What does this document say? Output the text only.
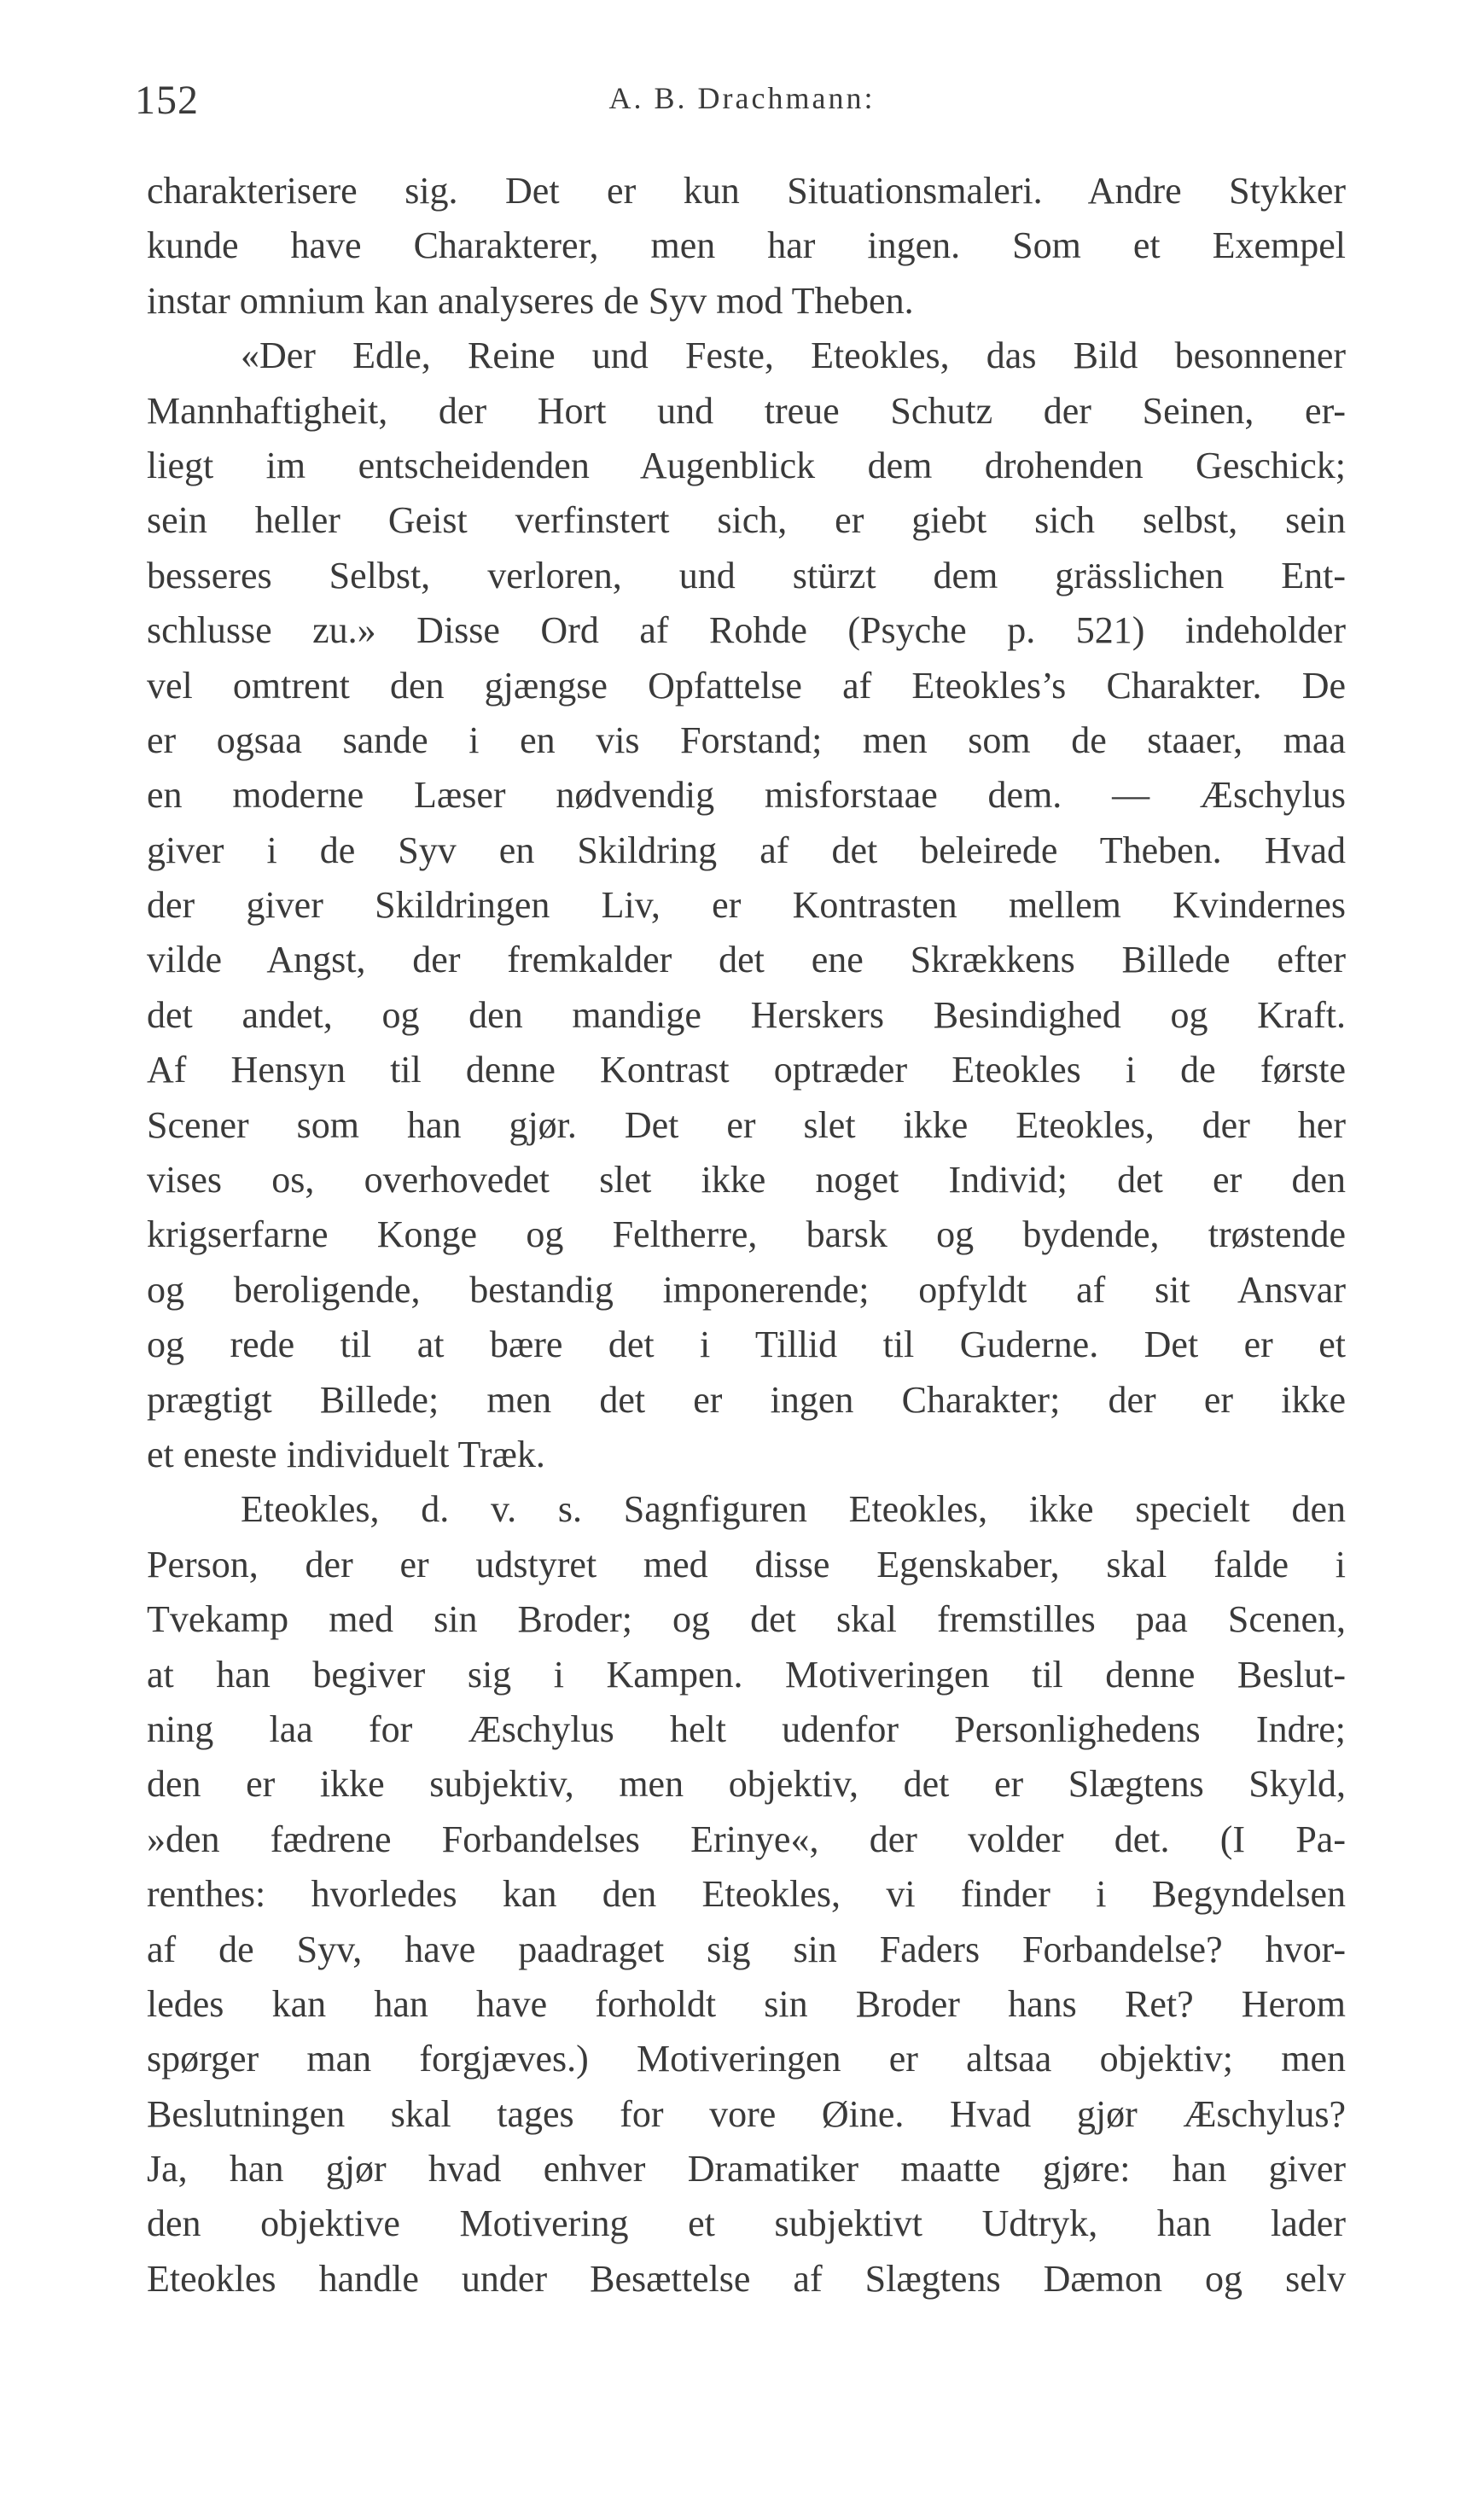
152	A. B. Drachmann:
charakterisere sig. Det er kun Situationsmaleri. Andre Stykker
kunde have Charakterer, men har ingen. Som et Exempel
instar omnium kan analyseres de Syv mod Theben.
«Der Edle, Reine und Feste, Eteokles, das Bild besonnener
Mannhaftigheit, der Hort und treue Schutz der Seinen, er-
liegt im entscheidenden Augenblick dem drohenden Geschick;
sein heller Geist verfinstert sich, er giebt sich selbst, sein
besseres Selbst, verloren, und stürzt dem grässlichen Ent-
schlusse zu.» Disse Ord af Rohde (Psyche p. 521) indeholder
vel omtrent den gjængse Opfattelse af Eteokles’s Charakter. De
er ogsaa sande i en vis Forstand; men som de staaer, maa
en moderne Læser nødvendig misforstaae dem. — Æschylus
giver i de Syv en Skildring af det beleirede Theben. Hvad
der giver Skildringen Liv, er Kontrasten mellem Kvindernes
vilde Angst, der fremkalder det ene Skrækkens Billede efter
det andet, og den mandige Herskers Besindighed og Kraft.
Af Hensyn til denne Kontrast optræder Eteokles i de første
Scener som han gjør. Det er slet ikke Eteokles, der her
vises os, overhovedet slet ikke noget Individ; det er den
krigserfarne Konge og Feltherre, barsk og bydende, trøstende
og beroligende, bestandig imponerende; opfyldt af sit Ansvar
og rede til at bære det i Tillid til Guderne. Det er et
prægtigt Billede; men det er ingen Charakter; der er ikke
et eneste individuelt Træk.
Eteokles, d. v. s. Sagnfiguren Eteokles, ikke specielt den
Person, der er udstyret med disse Egenskaber, skal falde i
Tvekamp med sin Broder; og det skal fremstilles paa Scenen,
at han begiver sig i Kampen. Motiveringen til denne Beslut-
ning laa for Æschylus helt udenfor Personlighedens Indre;
den er ikke subjektiv, men objektiv, det er Slægtens Skyld,
»den fædrene Forbandelses Erinye«, der volder det. (I Pa-
renthes: hvorledes kan den Eteokles, vi finder i Begyndelsen
af de Syv, have paadraget sig sin Faders Forbandelse? hvor-
ledes kan han have forholdt sin Broder hans Ret? Herom
spørger man forgjæves.) Motiveringen er altsaa objektiv; men
Beslutningen skal tages for vore Øine. Hvad gjør Æschylus?
Ja, han gjør hvad enhver Dramatiker maatte gjøre: han giver
den objektive Motivering et subjektivt Udtryk, han lader
Eteokles handle under Besættelse af Slægtens Dæmon og selv
